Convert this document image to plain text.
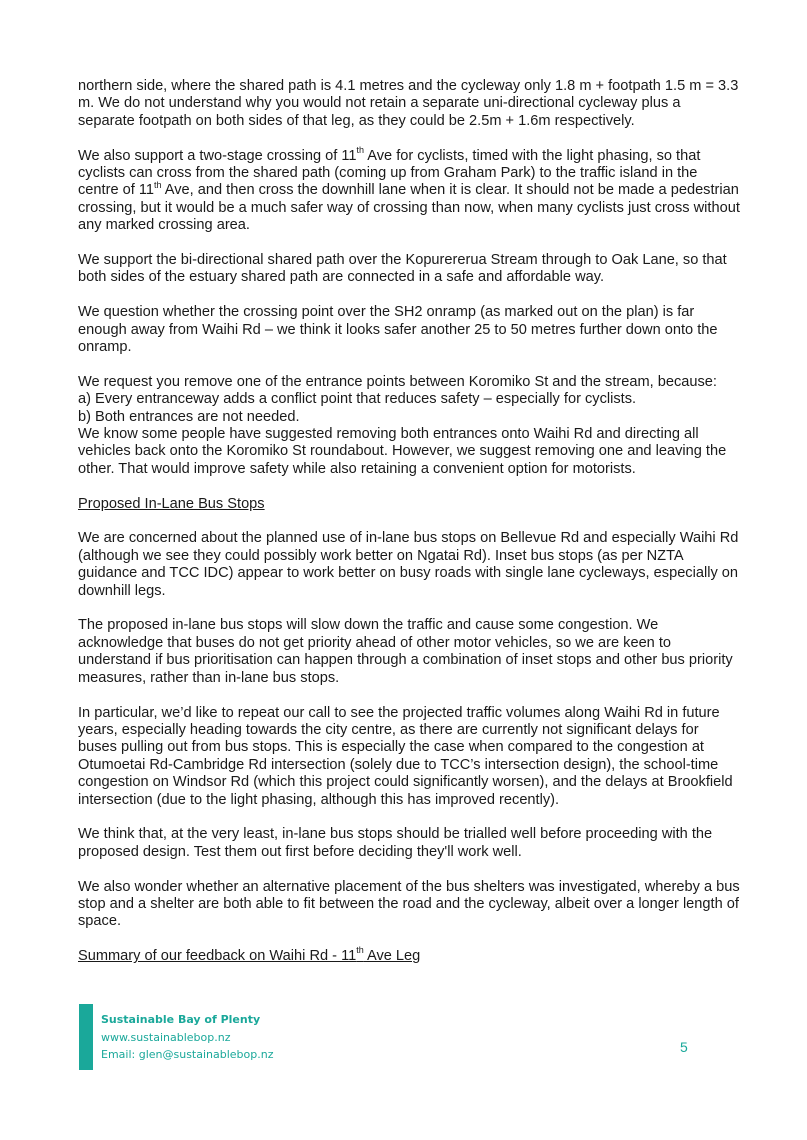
northern side, where the shared path is 4.1 metres and the cycleway only 1.8 m + footpath 1.5 m = 3.3 m. We do not understand why you would not retain a separate uni-directional cycleway plus a separate footpath on both sides of that leg, as they could be 2.5m + 1.6m respectively.

We also support a two-stage crossing of 11th Ave for cyclists, timed with the light phasing, so that cyclists can cross from the shared path (coming up from Graham Park) to the traffic island in the centre of 11th Ave, and then cross the downhill lane when it is clear. It should not be made a pedestrian crossing, but it would be a much safer way of crossing than now, when many cyclists just cross without any marked crossing area.

We support the bi-directional shared path over the Kopurererua Stream through to Oak Lane, so that both sides of the estuary shared path are connected in a safe and affordable way.

We question whether the crossing point over the SH2 onramp (as marked out on the plan) is far enough away from Waihi Rd – we think it looks safer another 25 to 50 metres further down onto the onramp.

We request you remove one of the entrance points between Koromiko St and the stream, because:

a) Every entranceway adds a conflict point that reduces safety – especially for cyclists.

b) Both entrances are not needed.

We know some people have suggested removing both entrances onto Waihi Rd and directing all vehicles back onto the Koromiko St roundabout. However, we suggest removing one and leaving the other. That would improve safety while also retaining a convenient option for motorists.

Proposed In-Lane Bus Stops

We are concerned about the planned use of in-lane bus stops on Bellevue Rd and especially Waihi Rd (although we see they could possibly work better on Ngatai Rd). Inset bus stops (as per NZTA guidance and TCC IDC) appear to work better on busy roads with single lane cycleways, especially on downhill legs.

The proposed in-lane bus stops will slow down the traffic and cause some congestion. We acknowledge that buses do not get priority ahead of other motor vehicles, so we are keen to understand if bus prioritisation can happen through a combination of inset stops and other bus priority measures, rather than in-lane bus stops.

In particular, we’d like to repeat our call to see the projected traffic volumes along Waihi Rd in future years, especially heading towards the city centre, as there are currently not significant delays for buses pulling out from bus stops. This is especially the case when compared to the congestion at Otumoetai Rd-Cambridge Rd intersection (solely due to TCC’s intersection design), the school-time congestion on Windsor Rd (which this project could significantly worsen), and the delays at Brookfield intersection (due to the light phasing, although this has improved recently).

We think that, at the very least, in-lane bus stops should be trialled well before proceeding with the proposed design. Test them out first before deciding they'll work well.

We also wonder whether an alternative placement of the bus shelters was investigated, whereby a bus stop and a shelter are both able to fit between the road and the cycleway, albeit over a longer length of space.

Summary of our feedback on Waihi Rd - 11th Ave Leg
Sustainable Bay of Plenty
www.sustainablebop.nz
Email: glen@sustainablebop.nz	5
